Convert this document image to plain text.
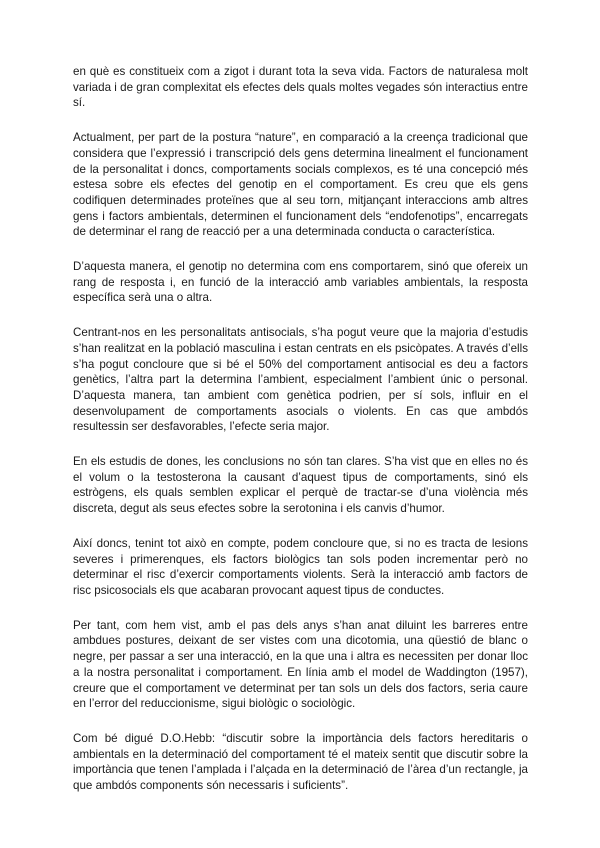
en què es constitueix com a zigot i durant tota la seva vida. Factors de naturalesa molt variada i de gran complexitat els efectes dels quals moltes vegades són interactius entre sí.

Actualment, per part de la postura “nature”, en comparació a la creença tradicional que considera que l’expressió i transcripció dels gens determina linealment el funcionament de la personalitat i doncs, comportaments socials complexos, es té una concepció més estesa sobre els efectes del genotip en el comportament. Es creu que els gens codifiquen determinades proteïnes que al seu torn, mitjançant interaccions amb altres gens i factors ambientals, determinen el funcionament dels “endofenotips”, encarregats de determinar el rang de reacció per a una determinada conducta o característica.

D’aquesta manera, el genotip no determina com ens comportarem, sinó que ofereix un rang de resposta i, en funció de la interacció amb variables ambientals, la resposta específica serà una o altra.

Centrant-nos en les personalitats antisocials, s’ha pogut veure que la majoria d’estudis s’han realitzat en la població masculina i estan centrats en els psicòpates. A través d’ells s’ha pogut concloure que si bé el 50% del comportament antisocial es deu a factors genètics, l’altra part la determina l’ambient, especialment l’ambient únic o personal. D’aquesta manera, tan ambient com genètica podrien, per sí sols, influir en el desenvolupament de comportaments asocials o violents. En cas que ambdós resultessin ser desfavorables, l’efecte seria major.

En els estudis de dones, les conclusions no són tan clares. S’ha vist que en elles no és el volum o la testosterona la causant d’aquest tipus de comportaments, sinó els estrògens, els quals semblen explicar el perquè de tractar-se d’una violència més discreta, degut als seus efectes sobre la serotonina i els canvis d’humor.

Així doncs, tenint tot això en compte, podem concloure que, si no es tracta de lesions severes i primerenques, els factors biològics tan sols poden incrementar però no determinar el risc d’exercir comportaments violents. Serà la interacció amb factors de risc psicosocials els que acabaran provocant aquest tipus de conductes.

Per tant, com hem vist, amb el pas dels anys s’han anat diluint les barreres entre ambdues postures, deixant de ser vistes com una dicotomia, una qüestió de blanc o negre, per passar a ser una interacció, en la que una i altra es necessiten per donar lloc a la nostra personalitat i comportament. En línia amb el model de Waddington (1957), creure que el comportament ve determinat per tan sols un dels dos factors, seria caure en l’error del reduccionisme, sigui biològic o sociològic.

Com bé digué D.O.Hebb: “discutir sobre la importància dels factors hereditaris o ambientals en la determinació del comportament té el mateix sentit que discutir sobre la importància que tenen l’amplada i l’alçada en la determinació de l’àrea d’un rectangle, ja que ambdós components són necessaris i suficients”.
